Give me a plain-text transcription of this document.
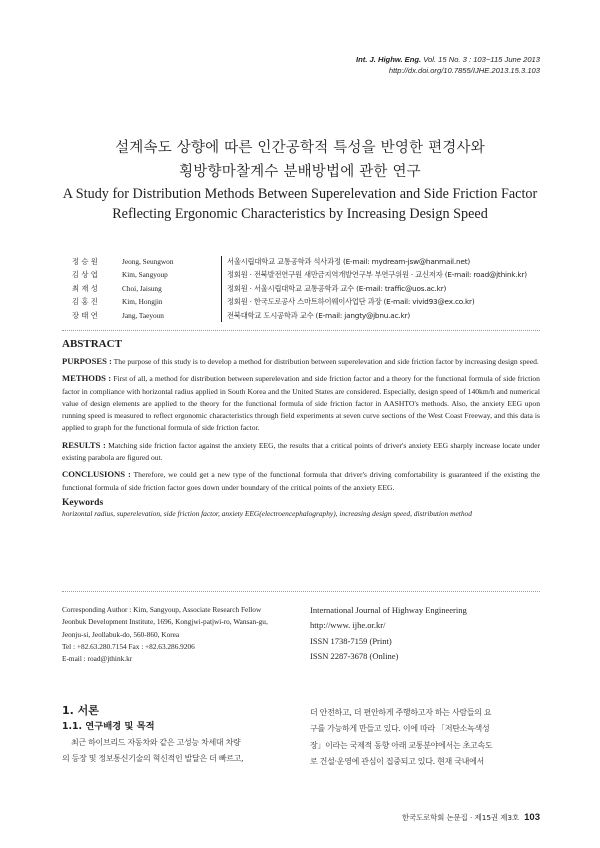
Int. J. Highw. Eng. Vol. 15 No. 3 : 103~115 June 2013
http://dx.doi.org/10.7855/IJHE.2013.15.3.103
설계속도 상향에 따른 인간공학적 특성을 반영한 편경사와
횡방향마찰계수 분배방법에 관한 연구
A Study for Distribution Methods Between Superelevation and Side Friction Factor
Reflecting Ergonomic Characteristics by Increasing Design Speed
정 승 원	Jeong, Seungwon	서울시립대학교 교통공학과 석사과정 (E-mail: mydream-jsw@hanmail.net)
김 상 엽	Kim, Sangyoup	정회원 · 전북발전연구원 새만금지역개발연구부 부연구위원 · 교신저자 (E-mail: road@jthink.kr)
최 재 성	Choi, Jaisung	정회원 · 서울시립대학교 교통공학과 교수 (E-mail: traffic@uos.ac.kr)
김 홍 진	Kim, Hongjin	정회원 · 한국도로공사 스마트하이웨이사업단 과장 (E-mail: vivid93@ex.co.kr)
장 태 연	Jang, Taeyoun	전북대학교 도시공학과 교수 (E-mail: jangty@jbnu.ac.kr)
ABSTRACT

PURPOSES : The purpose of this study is to develop a method for distribution between superelevation and side friction factor by increasing design speed.

METHODS : First of all, a method for distribution between superelevation and side friction factor and a theory for the functional formula of side friction factor in compliance with horizontal radius applied in South Korea and the United States are considered. Especially, design speed of 140km/h and numerical value of design elements are applied to the theory for the functional formula of side friction factor in AASHTO's methods. Also, the anxiety EEG upon running speed is measured to reflect ergonomic characteristics through field experiments at seven curve sections of the West Coast Freeway, and this data is applied to graph for the functional formula of side friction factor.

RESULTS : Matching side friction factor against the anxiety EEG, the results that a critical points of driver's anxiety EEG sharply increase locate under existing parabola are figured out.

CONCLUSIONS : Therefore, we could get a new type of the functional formula that driver's driving comfortability is guaranteed if the existing the functional formula of side friction factor goes down under boundary of the critical points of the anxiety EEG.

Keywords
horizontal radius, superelevation, side friction factor, anxiety EEG(electroencephalography), increasing design speed, distribution method
Corresponding Author : Kim, Sangyoup, Associate Research Fellow
Jeonbuk Development Institute, 1696, Kongjwi-patjwi-ro, Wansan-gu,
Jeonju-si, Jeollabuk-do, 560-860, Korea
Tel : +82.63.280.7154 Fax : +82.63.286.9206
E-mail : road@jthink.kr
International Journal of Highway Engineering
http://www. ijhe.or.kr/
ISSN 1738-7159 (Print)
ISSN 2287-3678 (Online)
1. 서론
1.1. 연구배경 및 목적
최근 하이브리드 자동차와 같은 고성능 차세대 차량
의 등장 및 정보통신기술의 혁신적인 발달은 더 빠르고,
더 안전하고, 더 편안하게 주행하고자 하는 사람들의 요
구를 가능하게 만들고 있다. 이에 따라 「저탄소녹색성
장」이라는 국제적 동향 아래 교통분야에서는 초고속도
로 건설·운영에 관심이 집중되고 있다. 현재 국내에서
한국도로학회 논문집 · 제15권 제3호 103
